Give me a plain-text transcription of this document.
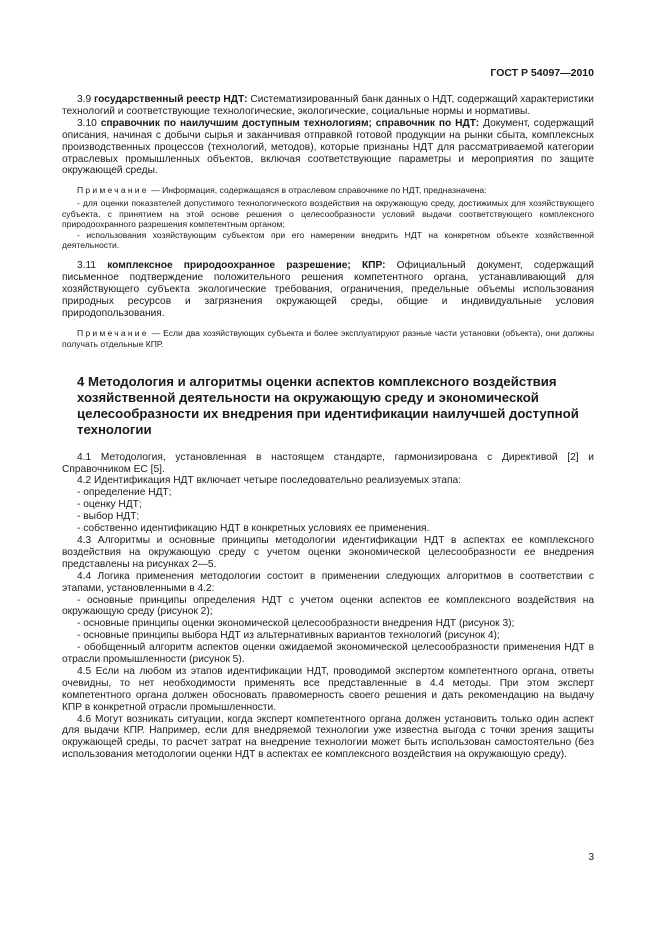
ГОСТ Р 54097—2010

3.9 государственный реестр НДТ: Систематизированный банк данных о НДТ, содержащий характеристики технологий и соответствующие технологические, экологические, социальные нормы и нормативы.

3.10 справочник по наилучшим доступным технологиям; справочник по НДТ: Документ, содержащий описания, начиная с добычи сырья и заканчивая отправкой готовой продукции на рынки сбыта, комплексных производственных процессов (технологий, методов), которые признаны НДТ для рассматриваемой категории отраслевых промышленных объектов, включая соответствующие параметры и мероприятия по защите окружающей среды.

Примечание — Информация, содержащаяся в отраслевом справочнике по НДТ, предназначена:

- для оценки показателей допустимого технологического воздействия на окружающую среду, достижимых для хозяйствующего субъекта, с принятием на этой основе решения о целесообразности условий выдачи соответствующего комплексного природоохранного разрешения компетентным органом;

- использования хозяйствующим субъектом при его намерении внедрить НДТ на конкретном объекте хозяйственной деятельности.

3.11 комплексное природоохранное разрешение; КПР: Официальный документ, содержащий письменное подтверждение положительного решения компетентного органа, устанавливающий для хозяйствующего субъекта экологические требования, ограничения, предельные объемы использования природных ресурсов и загрязнения окружающей среды, общие и индивидуальные условия природопользования.

Примечание — Если два хозяйствующих субъекта и более эксплуатируют разные части установки (объекта), они должны получать отдельные КПР.

4 Методология и алгоритмы оценки аспектов комплексного воздействия хозяйственной деятельности на окружающую среду и экономической целесообразности их внедрения при идентификации наилучшей доступной технологии

4.1 Методология, установленная в настоящем стандарте, гармонизирована с Директивой [2] и Справочником ЕС [5].

4.2 Идентификация НДТ включает четыре последовательно реализуемых этапа:

- определение НДТ;

- оценку НДТ;

- выбор НДТ;

- собственно идентификацию НДТ в конкретных условиях ее применения.

4.3 Алгоритмы и основные принципы методологии идентификации НДТ в аспектах ее комплексного воздействия на окружающую среду с учетом оценки экономической целесообразности ее внедрения представлены на рисунках 2—5.

4.4 Логика применения методологии состоит в применении следующих алгоритмов в соответствии с этапами, установленными в 4.2:

- основные принципы определения НДТ с учетом оценки аспектов ее комплексного воздействия на окружающую среду (рисунок 2);

- основные принципы оценки экономической целесообразности внедрения НДТ (рисунок 3);

- основные принципы выбора НДТ из альтернативных вариантов технологий (рисунок 4);

- обобщенный алгоритм аспектов оценки ожидаемой экономической целесообразности применения НДТ в отрасли промышленности (рисунок 5).

4.5 Если на любом из этапов идентификации НДТ, проводимой экспертом компетентного органа, ответы очевидны, то нет необходимости применять все представленные в 4.4 методы. При этом эксперт компетентного органа должен обосновать правомерность своего решения и дать рекомендацию на выдачу КПР в конкретной отрасли промышленности.

4.6 Могут возникать ситуации, когда эксперт компетентного органа должен установить только один аспект для выдачи КПР. Например, если для внедряемой технологии уже известна выгода с точки зрения защиты окружающей среды, то расчет затрат на внедрение технологии может быть использован самостоятельно (без использования методологии оценки НДТ в аспектах ее комплексного воздействия на окружающую среду).

3
